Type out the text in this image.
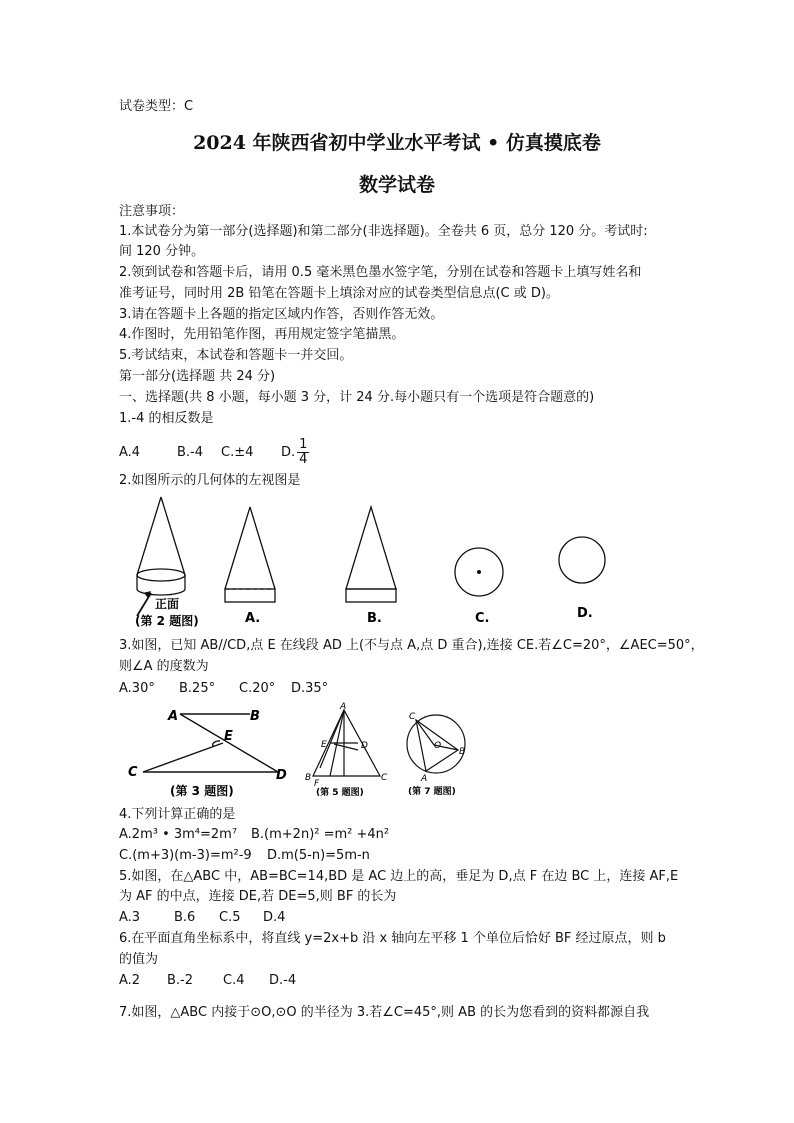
试卷类型：C
2024 年陕西省初中学业水平考试 • 仿真摸底卷
数学试卷
注意事项：
1.本试卷分为第一部分(选择题)和第二部分(非选择题)。全卷共 6 页，总分 120 分。考试时:
间 120 分钟。
2.领到试卷和答题卡后，请用 0.5 毫米黑色墨水签字笔，分别在试卷和答题卡上填写姓名和
准考证号，同时用 2B 铅笔在答题卡上填涂对应的试卷类型信息点(C 或 D)。
3.请在答题卡上各题的指定区域内作答，否则作答无效。
4.作图时，先用铅笔作图，再用规定签字笔描黑。
5.考试结束，本试卷和答题卡一并交回。
第一部分(选择题 共 24 分)
一、选择题(共 8 小题，每小题 3 分，计 24 分.每小题只有一个选项是符合题意的)
1.-4 的相反数是
A.4	B.-4 C.±4 D. $\frac{1}{4}$
2.如图所示的几何体的左视图是
正面
(第 2 题图)	A.	B.	C.	D.
3.如图，已知 AB//CD,点 E 在线段 AD 上(不与点 A,点 D 重合),连接 CE.若∠C=20°，∠AEC=50°，
则∠A 的度数为
A.30° B.25° C.20° D.35°
A	B
C	D
E
(第 3 题图)
A
B	C
D
E
F
(第 5 题图)
C
B
A
O
(第 7 题图)
4.下列计算正确的是
A.2m³ • 3m⁴=2m⁷ B.(m+2n)² =m² +4n²
C.(m+3)(m-3)=m²-9 D.m(5-n)=5m-n
5.如图，在△ABC 中，AB=BC=14,BD 是 AC 边上的高，垂足为 D,点 F 在边 BC 上，连接 AF,E
为 AF 的中点，连接 DE,若 DE=5,则 BF 的长为
A.3	B.6 C.5 D.4
6.在平面直角坐标系中，将直线 y=2x+b 沿 x 轴向左平移 1 个单位后恰好 BF 经过原点，则 b
的值为
A.2 B.-2 C.4 D.-4
7.如图，△ABC 内接于⊙O,⊙O 的半径为 3.若∠C=45°,则 AB 的长为您看到的资料都源自我
